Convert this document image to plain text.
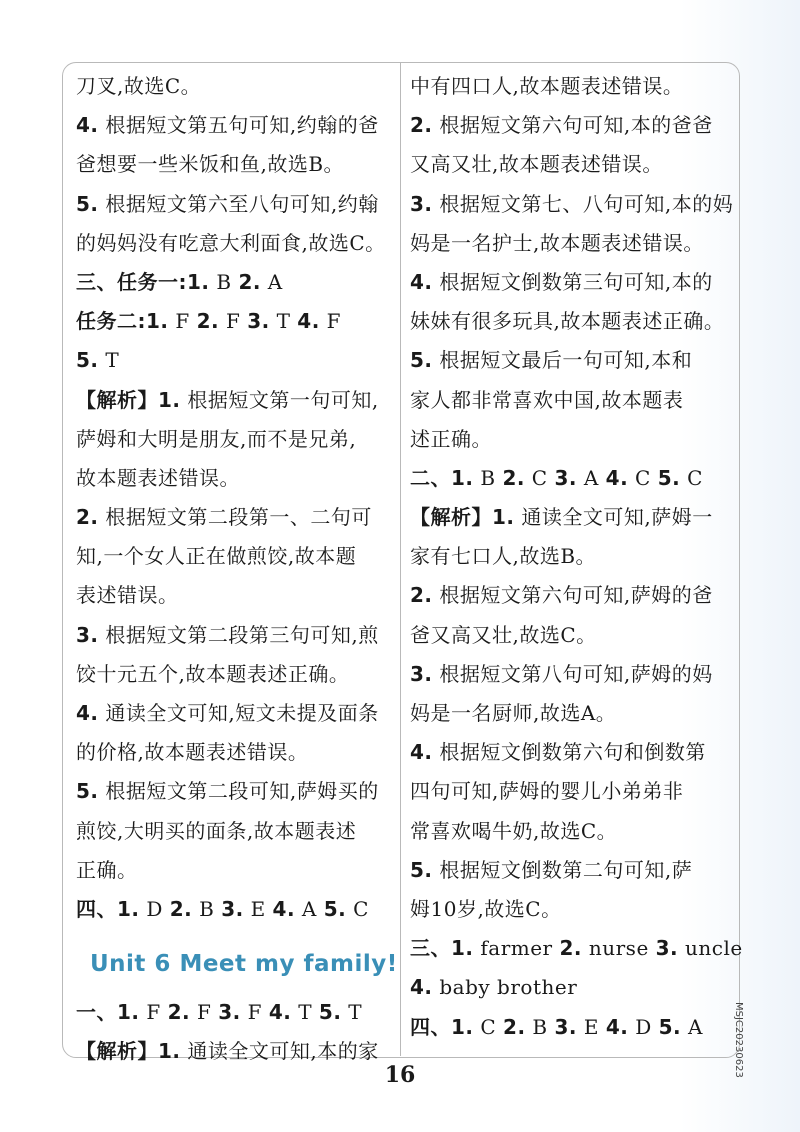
刀叉,故选C。
4. 根据短文第五句可知,约翰的爸
爸想要一些米饭和鱼,故选B。
5. 根据短文第六至八句可知,约翰
的妈妈没有吃意大利面食,故选C。
三、任务一:1. B 2. A
任务二:1. F 2. F 3. T 4. F
5. T
【解析】1. 根据短文第一句可知,
萨姆和大明是朋友,而不是兄弟,
故本题表述错误。
2. 根据短文第二段第一、二句可
知,一个女人正在做煎饺,故本题
表述错误。
3. 根据短文第二段第三句可知,煎
饺十元五个,故本题表述正确。
4. 通读全文可知,短文未提及面条
的价格,故本题表述错误。
5. 根据短文第二段可知,萨姆买的
煎饺,大明买的面条,故本题表述
正确。
四、1. D 2. B 3. E 4. A 5. C
Unit 6 Meet my family!
一、1. F 2. F 3. F 4. T 5. T
【解析】1. 通读全文可知,本的家
中有四口人,故本题表述错误。
2. 根据短文第六句可知,本的爸爸
又高又壮,故本题表述错误。
3. 根据短文第七、八句可知,本的妈
妈是一名护士,故本题表述错误。
4. 根据短文倒数第三句可知,本的
妹妹有很多玩具,故本题表述正确。
5. 根据短文最后一句可知,本和
家人都非常喜欢中国,故本题表
述正确。
二、1. B 2. C 3. A 4. C 5. C
【解析】1. 通读全文可知,萨姆一
家有七口人,故选B。
2. 根据短文第六句可知,萨姆的爸
爸又高又壮,故选C。
3. 根据短文第八句可知,萨姆的妈
妈是一名厨师,故选A。
4. 根据短文倒数第六句和倒数第
四句可知,萨姆的婴儿小弟弟非
常喜欢喝牛奶,故选C。
5. 根据短文倒数第二句可知,萨
姆10岁,故选C。
三、1. farmer 2. nurse 3. uncle
4. baby brother
四、1. C 2. B 3. E 4. D 5. A
16	MSJC20230623
